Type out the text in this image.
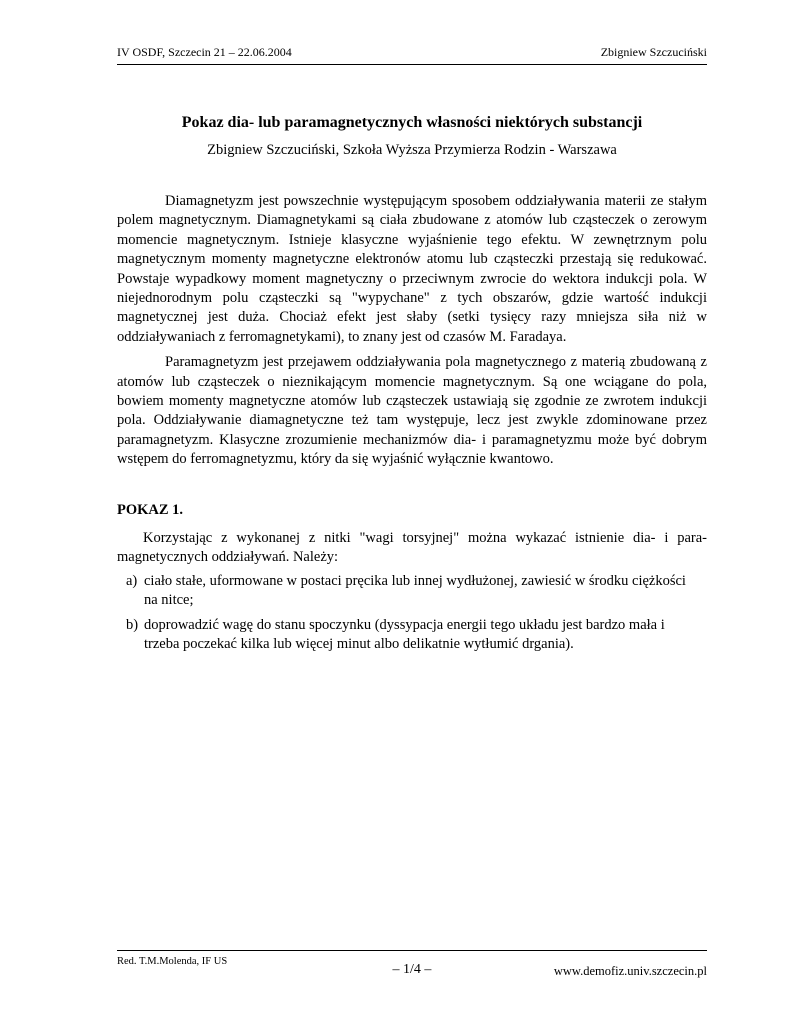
IV OSDF, Szczecin 21 – 22.06.2004	Zbigniew Szczuciński
Pokaz dia- lub paramagnetycznych własności niektórych substancji
Zbigniew Szczuciński, Szkoła Wyższa Przymierza Rodzin - Warszawa

Diamagnetyzm jest powszechnie występującym sposobem oddziaływania materii ze stałym polem magnetycznym. Diamagnetykami są ciała zbudowane z atomów lub cząsteczek o zerowym momencie magnetycznym. Istnieje klasyczne wyjaśnienie tego efektu. W zewnętrznym polu magnetycznym momenty magnetyczne elektronów atomu lub cząsteczki przestają się redukować. Powstaje wypadkowy moment magnetyczny o przeciwnym zwrocie do wektora indukcji pola. W niejednorodnym polu cząsteczki są "wypychane" z tych obszarów, gdzie wartość indukcji magnetycznej jest duża. Chociaż efekt jest słaby (setki tysięcy razy mniejsza siła niż w oddziaływaniach z ferromagnetykami), to znany jest od czasów M. Faradaya.

Paramagnetyzm jest przejawem oddziaływania pola magnetycznego z materią zbudowaną z atomów lub cząsteczek o nieznikającym momencie magnetycznym. Są one wciągane do pola, bowiem momenty magnetyczne atomów lub cząsteczek ustawiają się zgodnie ze zwrotem indukcji pola. Oddziaływanie diamagnetyczne też tam występuje, lecz jest zwykle zdominowane przez paramagnetyzm. Klasyczne zrozumienie mechanizmów dia- i paramagnetyzmu może być dobrym wstępem do ferromagnetyzmu, który da się wyjaśnić wyłącznie kwantowo.

POKAZ 1.

Korzystając z wykonanej z nitki "wagi torsyjnej" można wykazać istnienie dia- i para-magnetycznych oddziaływań. Należy:

a) ciało stałe, uformowane w postaci pręcika lub innej wydłużonej, zawiesić w środku ciężkości na nitce;
b) doprowadzić wagę do stanu spoczynku (dyssypacja energii tego układu jest bardzo mała i trzeba poczekać kilka lub więcej minut albo delikatnie wytłumić drgania).
Red. T.M.Molenda, IF US
– 1/4 –	www.demofiz.univ.szczecin.pl
